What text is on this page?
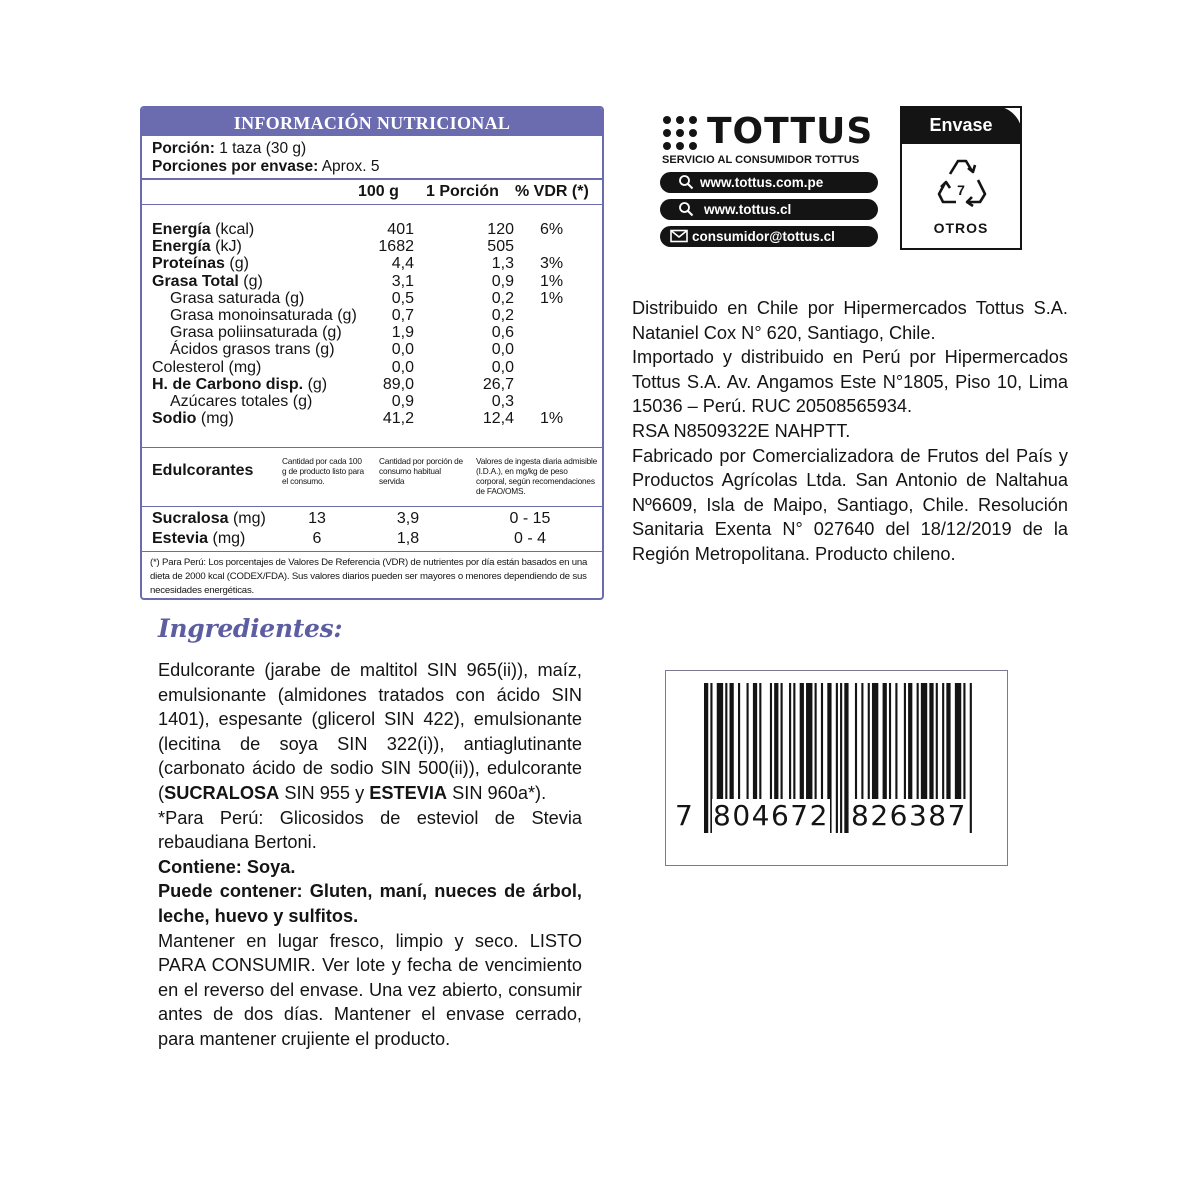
INFORMACIÓN NUTRICIONAL
Porción: 1 taza (30 g)
Porciones por envase: Aprox. 5
100 g 1 Porción % VDR (*)
Energía (kcal)	401	120 6%
Energía (kJ)	1682	505
Proteínas (g)	4,4	1,3 3%
Grasa Total (g)	3,1	0,9 1%
Grasa saturada (g)	0,5	0,2 1%
Grasa monoinsaturada (g)	0,7	0,2
Grasa poliinsaturada (g)	1,9	0,6
Ácidos grasos trans (g)	0,0	0,0
Colesterol (mg)	0,0	0,0
H. de Carbono disp. (g)	89,0	26,7
Azúcares totales (g)	0,9	0,3
Sodio (mg)	41,2	12,4 1%
Edulcorantes
Cantidad por cada 100 g de producto listo para el consumo.
Cantidad por porción de consumo habitual servida
Valores de ingesta diaria admisible (I.D.A.), en mg/kg de peso corporal, según recomendaciones de FAO/OMS.
Sucralosa (mg)	13	3,9	0 - 15
Estevia (mg)	6	1,8	0 - 4
(*) Para Perú: Los porcentajes de Valores De Referencia (VDR) de nutrientes por día están basados en una dieta de 2000 kcal (CODEX/FDA). Sus valores diarios pueden ser mayores o menores dependiendo de sus necesidades energéticas.
Ingredientes:

Edulcorante (jarabe de maltitol SIN 965(ii)), maíz, emulsionante (almidones tratados con ácido SIN 1401), espesante (glicerol SIN 422), emulsionante (lecitina de soya SIN 322(i)), antiaglutinante (carbonato ácido de sodio SIN 500(ii)), edulcorante (SUCRALOSA SIN 955 y ESTEVIA SIN 960a*).

*Para Perú: Glicosidos de esteviol de Stevia rebaudiana Bertoni.

Contiene: Soya.

Puede contener: Gluten, maní, nueces de árbol, leche, huevo y sulfitos.

Mantener en lugar fresco, limpio y seco. LISTO PARA CONSUMIR. Ver lote y fecha de vencimiento en el reverso del envase. Una vez abierto, consumir antes de dos días. Mantener el envase cerrado, para mantener crujiente el producto.

TOTTUS
SERVICIO AL CONSUMIDOR TOTTUS
www.tottus.com.pe
www.tottus.cl
consumidor@tottus.cl
Envase
7
OTROS

Distribuido en Chile por Hipermercados Tottus S.A. Nataniel Cox N° 620, Santiago, Chile.

Importado y distribuido en Perú por Hipermercados Tottus S.A. Av. Angamos Este N°1805, Piso 10, Lima 15036 – Perú. RUC 20508565934.

RSA N8509322E NAHPTT.

Fabricado por Comercializadora de Frutos del País y Productos Agrícolas Ltda. San Antonio de Naltahua Nº6609, Isla de Maipo, Santiago, Chile. Resolución Sanitaria Exenta N° 027640 del 18/12/2019 de la Región Metropolitana. Producto chileno.

7 804672 826387
